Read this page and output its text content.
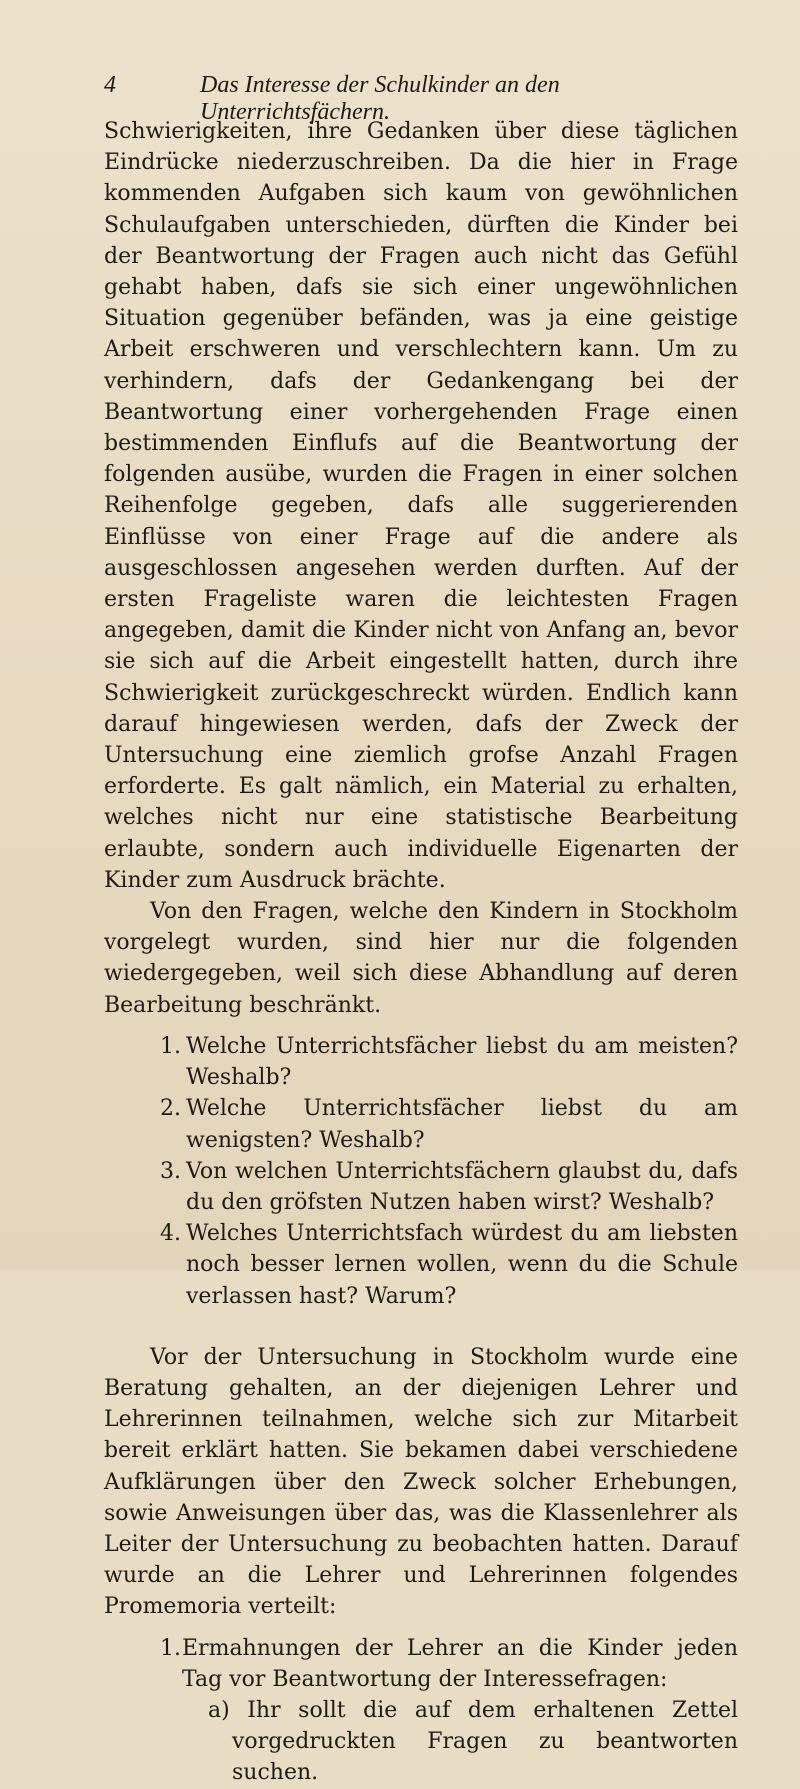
4	Das Interesse der Schulkinder an den Unterrichtsfächern.

Schwierigkeiten, ihre Gedanken über diese täglichen Eindrücke niederzuschreiben. Da die hier in Frage kommenden Aufgaben sich kaum von gewöhnlichen Schulaufgaben unterschieden, dürften die Kinder bei der Beantwortung der Fragen auch nicht das Gefühl gehabt haben, dafs sie sich einer ungewöhnlichen Situation gegenüber befänden, was ja eine geistige Arbeit erschweren und verschlechtern kann. Um zu verhindern, dafs der Gedankengang bei der Beantwortung einer vorhergehenden Frage einen bestimmenden Einflufs auf die Beantwortung der folgenden ausübe, wurden die Fragen in einer solchen Reihenfolge gegeben, dafs alle suggerierenden Einflüsse von einer Frage auf die andere als ausgeschlossen angesehen werden durften. Auf der ersten Frageliste waren die leichtesten Fragen angegeben, damit die Kinder nicht von Anfang an, bevor sie sich auf die Arbeit eingestellt hatten, durch ihre Schwierigkeit zurückgeschreckt würden. Endlich kann darauf hingewiesen werden, dafs der Zweck der Untersuchung eine ziemlich grofse Anzahl Fragen erforderte. Es galt nämlich, ein Material zu erhalten, welches nicht nur eine statistische Bearbeitung erlaubte, sondern auch individuelle Eigenarten der Kinder zum Ausdruck brächte.

Von den Fragen, welche den Kindern in Stockholm vorgelegt wurden, sind hier nur die folgenden wiedergegeben, weil sich diese Abhandlung auf deren Bearbeitung beschränkt.

1. Welche Unterrichtsfächer liebst du am meisten? Weshalb?
2. Welche Unterrichtsfächer liebst du am wenigsten? Weshalb?
3. Von welchen Unterrichtsfächern glaubst du, dafs du den gröfsten Nutzen haben wirst? Weshalb?
4. Welches Unterrichtsfach würdest du am liebsten noch besser lernen wollen, wenn du die Schule verlassen hast? Warum?

Vor der Untersuchung in Stockholm wurde eine Beratung gehalten, an der diejenigen Lehrer und Lehrerinnen teilnahmen, welche sich zur Mitarbeit bereit erklärt hatten. Sie bekamen dabei verschiedene Aufklärungen über den Zweck solcher Erhebungen, sowie Anweisungen über das, was die Klassenlehrer als Leiter der Untersuchung zu beobachten hatten. Darauf wurde an die Lehrer und Lehrerinnen folgendes Promemoria verteilt:

1. Ermahnungen der Lehrer an die Kinder jeden Tag vor Beantwortung der Interessefragen:
a) Ihr sollt die auf dem erhaltenen Zettel vorgedruckten Fragen zu beantworten suchen.
